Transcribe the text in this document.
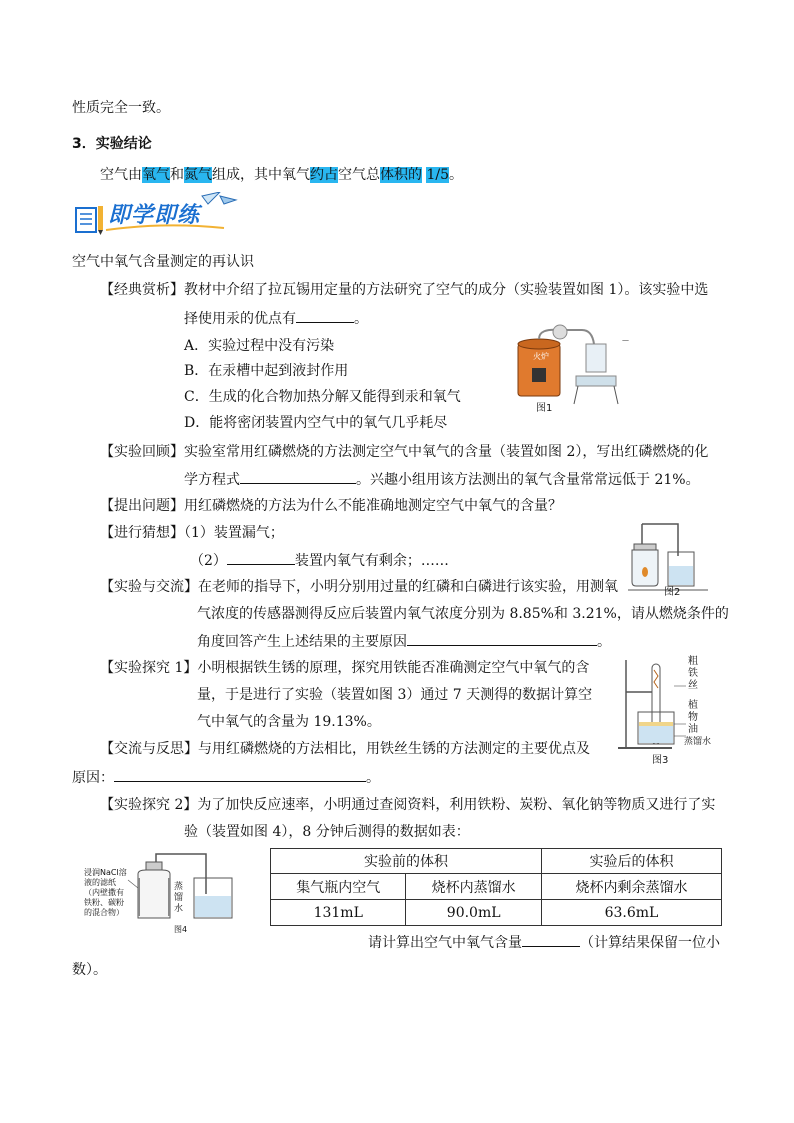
性质完全一致。
3．实验结论
空气由氧气和氮气组成，其中氧气约占空气总体积的 1/5。
即学即练
空气中氧气含量测定的再认识
【经典赏析】教材中介绍了拉瓦锡用定量的方法研究了空气的成分（实验装置如图 1）。该实验中选
择使用汞的优点有	。
A．实验过程中没有污染
B．在汞槽中起到液封作用
C．生成的化合物加热分解又能得到汞和氧气
D．能将密闭装置内空气中的氧气几乎耗尽
—
火炉
图1
【实验回顾】实验室常用红磷燃烧的方法测定空气中氧气的含量（装置如图 2），写出红磷燃烧的化
学方程式	。兴趣小组用该方法测出的氧气含量常常远低于 21%。
【提出问题】用红磷燃烧的方法为什么不能准确地测定空气中氧气的含量？
【进行猜想】（1）装置漏气；
（2）	装置内氧气有剩余；……
图2
【实验与交流】在老师的指导下，小明分别用过量的红磷和白磷进行该实验，用测氧
气浓度的传感器测得反应后装置内氧气浓度分别为 8.85%和 3.21%，请从燃烧条件的
角度回答产生上述结果的主要原因	。
【实验探究 1】小明根据铁生锈的原理，探究用铁能否准确测定空气中氧气的含
量，于是进行了实验（装置如图 3）通过 7 天测得的数据计算空
气中氧气的含量为 19.13%。
粗
铁
丝
植
物
油
蒸馏水
图3
【交流与反思】与用红磷燃烧的方法相比，用铁丝生锈的方法测定的主要优点及
原因：	。
【实验探究 2】为了加快反应速率，小明通过查阅资料，利用铁粉、炭粉、氧化钠等物质又进行了实
验（装置如图 4），8 分钟后测得的数据如表：
浸润NaCl溶
液的滤纸
（内壁撒有
铁粉、碳粉
的混合物）
蒸
馏
水
图4
实验前的体积		实验后的体积
集气瓶内空气	烧杯内蒸馏水	烧杯内剩余蒸馏水
131mL	90.0mL	63.6mL
请计算出空气中氧气含量	（计算结果保留一位小
数）。
